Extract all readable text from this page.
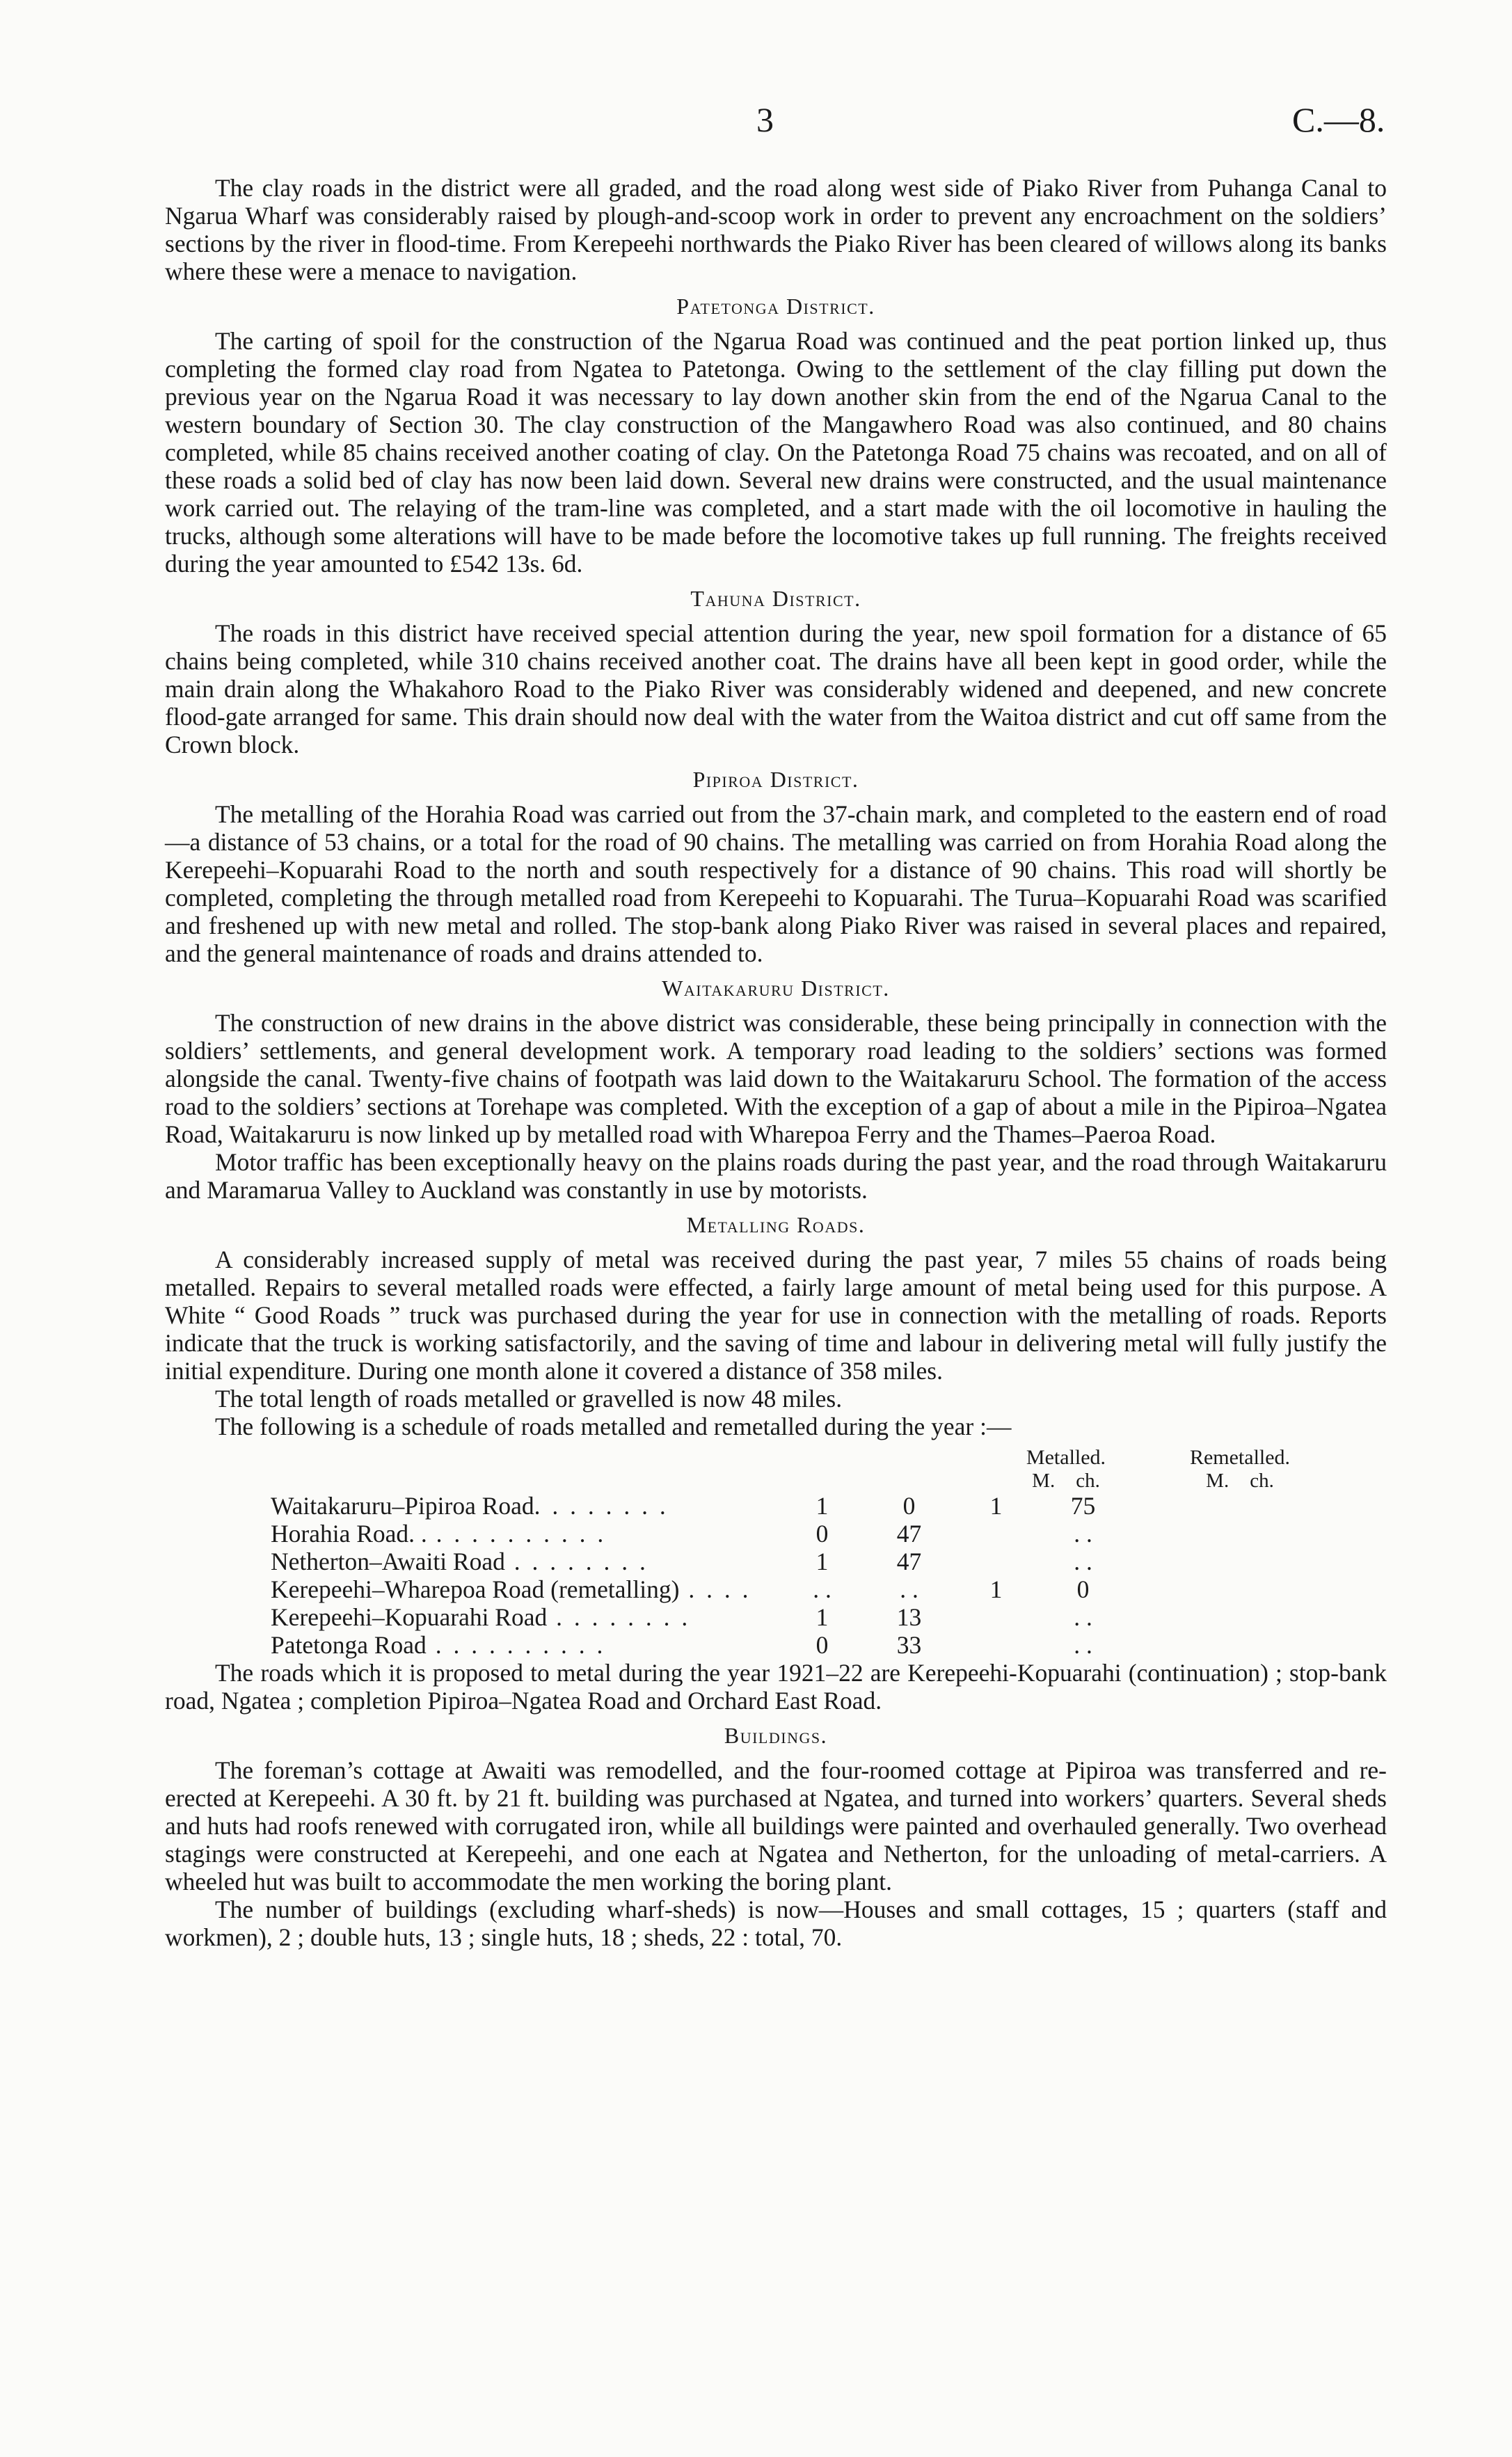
3	C.—8.

The clay roads in the district were all graded, and the road along west side of Piako River from Puhanga Canal to Ngarua Wharf was considerably raised by plough-and-scoop work in order to prevent any encroachment on the soldiers’ sections by the river in flood-time. From Kerepeehi northwards the Piako River has been cleared of willows along its banks where these were a menace to navigation.

Patetonga District.

The carting of spoil for the construction of the Ngarua Road was continued and the peat portion linked up, thus completing the formed clay road from Ngatea to Patetonga. Owing to the settlement of the clay filling put down the previous year on the Ngarua Road it was necessary to lay down another skin from the end of the Ngarua Canal to the western boundary of Section 30. The clay construction of the Mangawhero Road was also continued, and 80 chains completed, while 85 chains received another coating of clay. On the Patetonga Road 75 chains was recoated, and on all of these roads a solid bed of clay has now been laid down. Several new drains were constructed, and the usual maintenance work carried out. The relaying of the tram-line was completed, and a start made with the oil locomotive in hauling the trucks, although some alterations will have to be made before the locomotive takes up full running. The freights received during the year amounted to £542 13s. 6d.

Tahuna District.

The roads in this district have received special attention during the year, new spoil formation for a distance of 65 chains being completed, while 310 chains received another coat. The drains have all been kept in good order, while the main drain along the Whakahoro Road to the Piako River was considerably widened and deepened, and new concrete flood-gate arranged for same. This drain should now deal with the water from the Waitoa district and cut off same from the Crown block.

Pipiroa District.

The metalling of the Horahia Road was carried out from the 37-chain mark, and completed to the eastern end of road—a distance of 53 chains, or a total for the road of 90 chains. The metalling was carried on from Horahia Road along the Kerepeehi–Kopuarahi Road to the north and south respectively for a distance of 90 chains. This road will shortly be completed, completing the through metalled road from Kerepeehi to Kopuarahi. The Turua–Kopuarahi Road was scarified and freshened up with new metal and rolled. The stop-bank along Piako River was raised in several places and repaired, and the general maintenance of roads and drains attended to.

Waitakaruru District.

The construction of new drains in the above district was considerable, these being principally in connection with the soldiers’ settlements, and general development work. A temporary road leading to the soldiers’ sections was formed alongside the canal. Twenty-five chains of footpath was laid down to the Waitakaruru School. The formation of the access road to the soldiers’ sections at Torehape was completed. With the exception of a gap of about a mile in the Pipiroa–Ngatea Road, Waitakaruru is now linked up by metalled road with Wharepoa Ferry and the Thames–Paeroa Road.

Motor traffic has been exceptionally heavy on the plains roads during the past year, and the road through Waitakaruru and Maramarua Valley to Auckland was constantly in use by motorists.

Metalling Roads.

A considerably increased supply of metal was received during the past year, 7 miles 55 chains of roads being metalled. Repairs to several metalled roads were effected, a fairly large amount of metal being used for this purpose. A White “ Good Roads ” truck was purchased during the year for use in connection with the metalling of roads. Reports indicate that the truck is working satisfactorily, and the saving of time and labour in delivering metal will fully justify the initial expenditure. During one month alone it covered a distance of 358 miles.

The total length of roads metalled or gravelled is now 48 miles.

The following is a schedule of roads metalled and remetalled during the year :—

Metalled.	Remetalled.
M. ch.	M. ch.
Waitakaruru–Pipiroa Road. . . . . . . .	1	0	1	75
Horahia Road. . . . . . . . . . . .	0	47		. .
Netherton–Awaiti Road . . . . . . . .	1	47		. .
Kerepeehi–Wharepoa Road (remetalling) . . . .	. .	. .	1	0
Kerepeehi–Kopuarahi Road . . . . . . . .	1	13		. .
Patetonga Road . . . . . . . . . .	0	33		. .

The roads which it is proposed to metal during the year 1921–22 are Kerepeehi-Kopuarahi (continuation) ; stop-bank road, Ngatea ; completion Pipiroa–Ngatea Road and Orchard East Road.

Buildings.

The foreman’s cottage at Awaiti was remodelled, and the four-roomed cottage at Pipiroa was transferred and re-erected at Kerepeehi. A 30 ft. by 21 ft. building was purchased at Ngatea, and turned into workers’ quarters. Several sheds and huts had roofs renewed with corrugated iron, while all buildings were painted and overhauled generally. Two overhead stagings were constructed at Kerepeehi, and one each at Ngatea and Netherton, for the unloading of metal-carriers. A wheeled hut was built to accommodate the men working the boring plant.

The number of buildings (excluding wharf-sheds) is now—Houses and small cottages, 15 ; quarters (staff and workmen), 2 ; double huts, 13 ; single huts, 18 ; sheds, 22 : total, 70.
